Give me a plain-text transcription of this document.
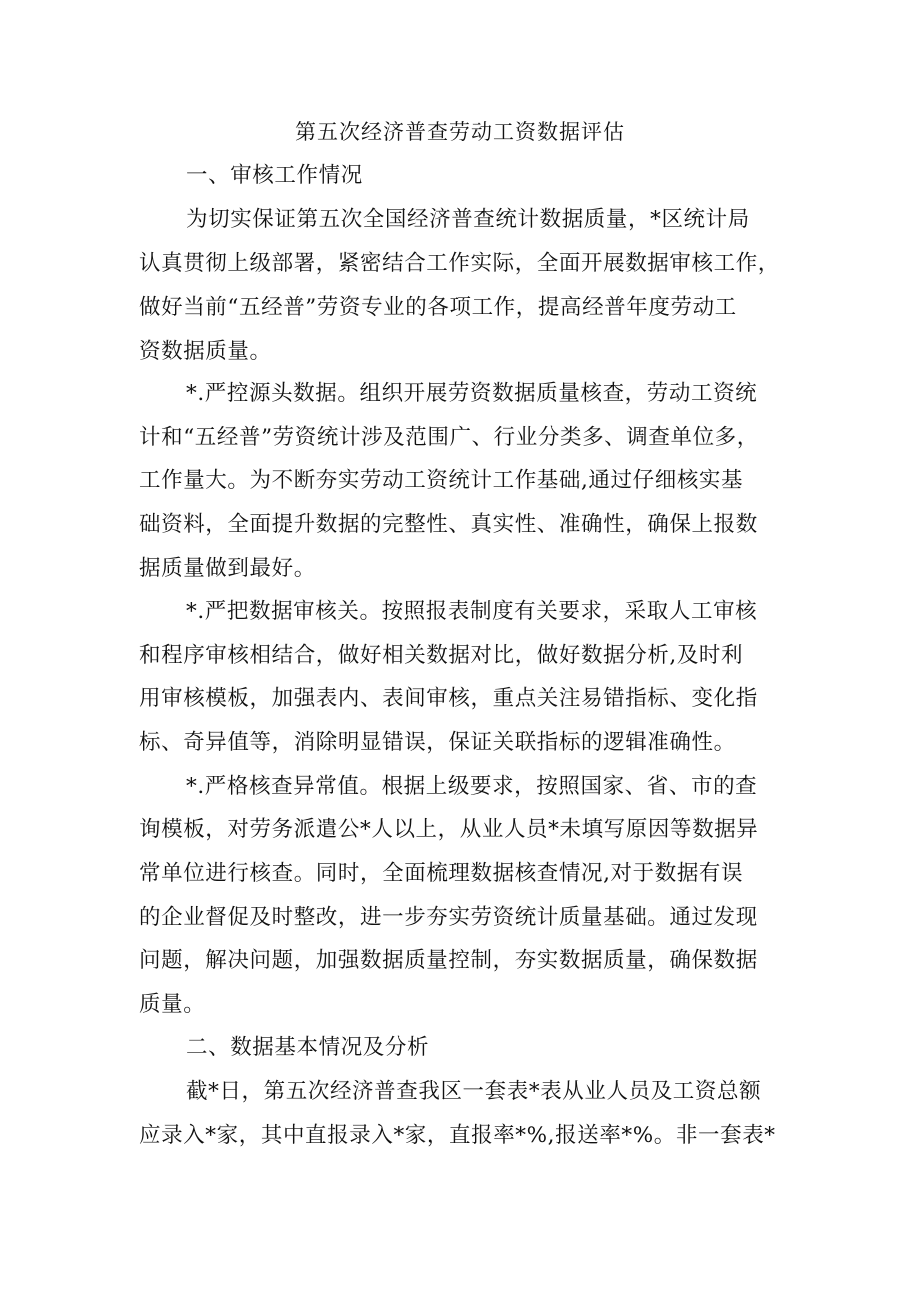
第五次经济普查劳动工资数据评估
一、审核工作情况
为切实保证第五次全国经济普查统计数据质量，*区统计局
认真贯彻上级部署，紧密结合工作实际，全面开展数据审核工作，
做好当前“五经普”劳资专业的各项工作，提高经普年度劳动工
资数据质量。
*.严控源头数据。组织开展劳资数据质量核查，劳动工资统
计和“五经普”劳资统计涉及范围广、行业分类多、调查单位多，
工作量大。为不断夯实劳动工资统计工作基础,通过仔细核实基
础资料，全面提升数据的完整性、真实性、准确性，确保上报数
据质量做到最好。
*.严把数据审核关。按照报表制度有关要求，采取人工审核
和程序审核相结合，做好相关数据对比，做好数据分析,及时利
用审核模板，加强表内、表间审核，重点关注易错指标、变化指
标、奇异值等，消除明显错误，保证关联指标的逻辑准确性。
*.严格核查异常值。根据上级要求，按照国家、省、市的查
询模板，对劳务派遣公*人以上，从业人员*未填写原因等数据异
常单位进行核查。同时，全面梳理数据核查情况,对于数据有误
的企业督促及时整改，进一步夯实劳资统计质量基础。通过发现
问题，解决问题，加强数据质量控制，夯实数据质量，确保数据
质量。
二、数据基本情况及分析
截*日，第五次经济普查我区一套表*表从业人员及工资总额
应录入*家，其中直报录入*家，直报率*%,报送率*%。非一套表*
